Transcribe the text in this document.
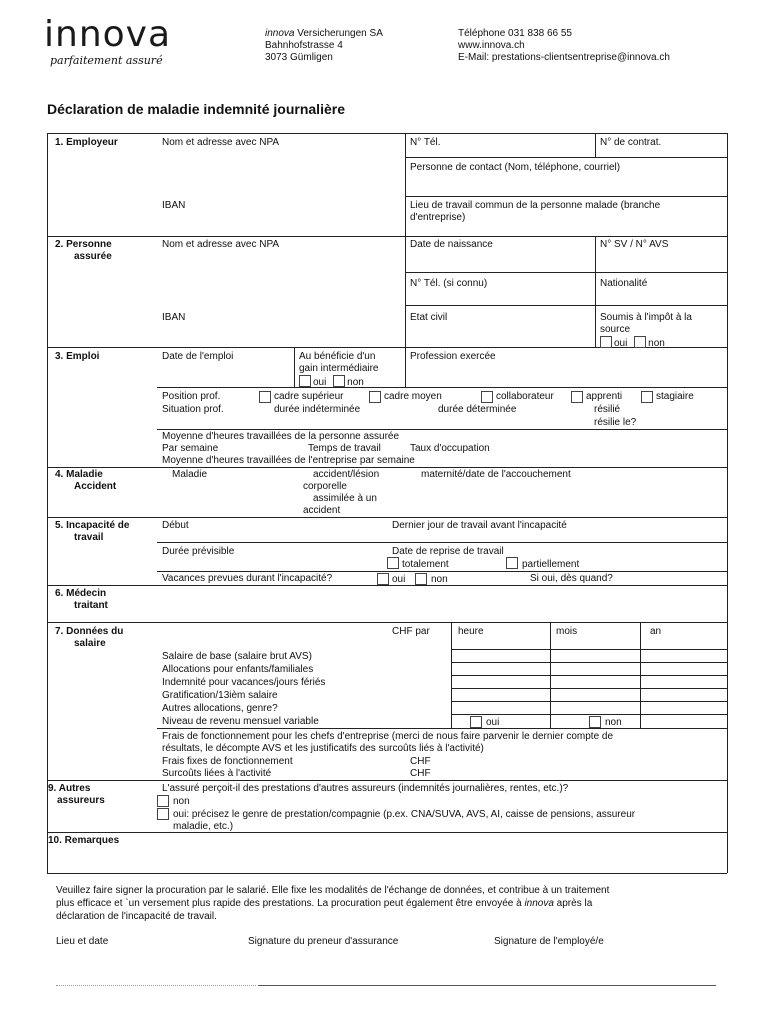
innova
parfaitement assuré
innova Versicherungen SA
Bahnhofstrasse 4
3073 Gümligen
Téléphone 031 838 66 55
www.innova.ch
E-Mail: prestations-clientsentreprise@innova.ch
Déclaration de maladie indemnité journalière
1. Employeur	Nom et adresse avec NPA	N° Tél.	N° de contrat.
Personne de contact (Nom, téléphone, courriel)
IBAN	Lieu de travail commun de la personne malade (branche
d'entreprise)
2. Personne
assurée
Nom et adresse avec NPA	Date de naissance	N° SV / N° AVS
N° Tél. (si connu)	Nationalité
IBAN	Etat civil	Soumis à l'impôt à la
source
oui non
3. Emploi	Date de l'emploi	Au bénéficie d'un
gain intermédiaire
oui non
Profession exercée
Position prof.	cadre supérieur	cadre moyen	collaborateur	apprenti	stagiaire
Situation prof.	durée indéterminée	durée déterminée	résilié
résilie le?
Moyenne d'heures travaillées de la personne assurée
Par semaine	Temps de travail	Taux d'occupation
Moyenne d'heures travaillées de l'entreprise par semaine
4. Maladie
Accident
Maladie	accident/lésion
corporelle
assimilée à un
accident
maternité/date de l'accouchement
5. Incapacité de
travail
Début	Dernier jour de travail avant l'incapacité
Durée prévisible	Date de reprise de travail
totalement	partiellement
Vacances prevues durant l'incapacité?	oui	non	Si oui, dès quand?
6. Médecin
traitant
7. Données du
salaire
CHF par	heure	mois	an
Salaire de base (salaire brut AVS)
Allocations pour enfants/familiales
Indemnité pour vacances/jours fériés
Gratification/13ièm salaire
Autres allocations, genre?
Niveau de revenu mensuel variable	oui	non
Frais de fonctionnement pour les chefs d'entreprise (merci de nous faire parvenir le dernier compte de
résultats, le décompte AVS et les justificatifs des surcoûts liés à l'activité)
Frais fixes de fonctionnement	CHF
Surcoûts liées à l'activité	CHF
9. Autres
assureurs
L'assuré perçoit-il des prestations d'autres assureurs (indemnités journalières, rentes, etc.)?
non
oui: précisez le genre de prestation/compagnie (p.ex. CNA/SUVA, AVS, AI, caisse de pensions, assureur
maladie, etc.)
10. Remarques
Veuillez faire signer la procuration par le salarié. Elle fixe les modalités de l'échange de données, et contribue à un traitement
plus efficace et `un versement plus rapide des prestations. La procuration peut également être envoyée à innova après la
déclaration de l'incapacité de travail.
Lieu et date	Signature du preneur d'assurance	Signature de l'employé/e
